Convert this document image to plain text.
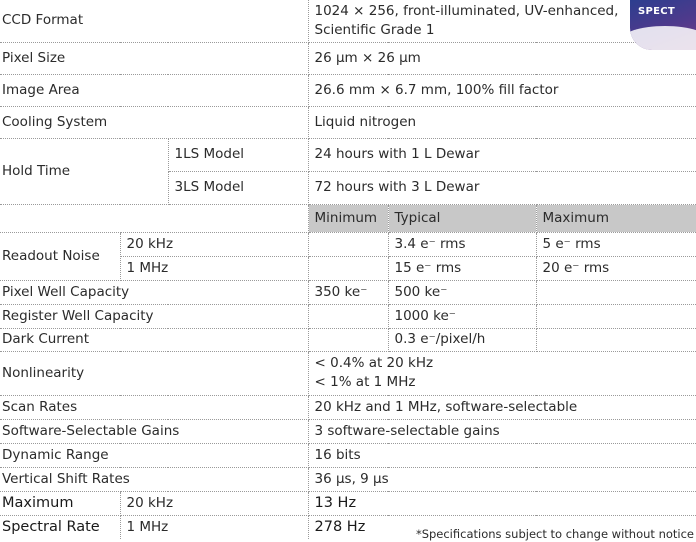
CCD Format			1024 × 256, front-illuminated, UV-enhanced,
Scientific Grade 1		

Pixel Size			26 µm × 26 µm		
Image Area			26.6 mm × 6.7 mm, 100% fill factor		
Cooling System			Liquid nitrogen		
Hold Time		1LS Model	24 hours with 1 L Dewar		
		3LS Model	72 hours with 3 L Dewar		
			Minimum	Typical	Maximum
Readout Noise	20 kHz			3.4 e⁻ rms	5 e⁻ rms
	1 MHz			15 e⁻ rms	20 e⁻ rms
Pixel Well Capacity			350 ke⁻	500 ke⁻	
Register Well Capacity				1000 ke⁻	
Dark Current				0.3 e⁻/pixel/h	
Nonlinearity			< 0.4% at 20 kHz
< 1% at 1 MHz		

Scan Rates			20 kHz and 1 MHz, software-selectable		
Software-Selectable Gains			3 software-selectable gains		
Dynamic Range			16 bits		
Vertical Shift Rates			36 µs, 9 µs		
Maximum	20 kHz		13 Hz		
Spectral Rate	1 MHz		278 Hz		
SPECT
*Specifications subject to change without notice
